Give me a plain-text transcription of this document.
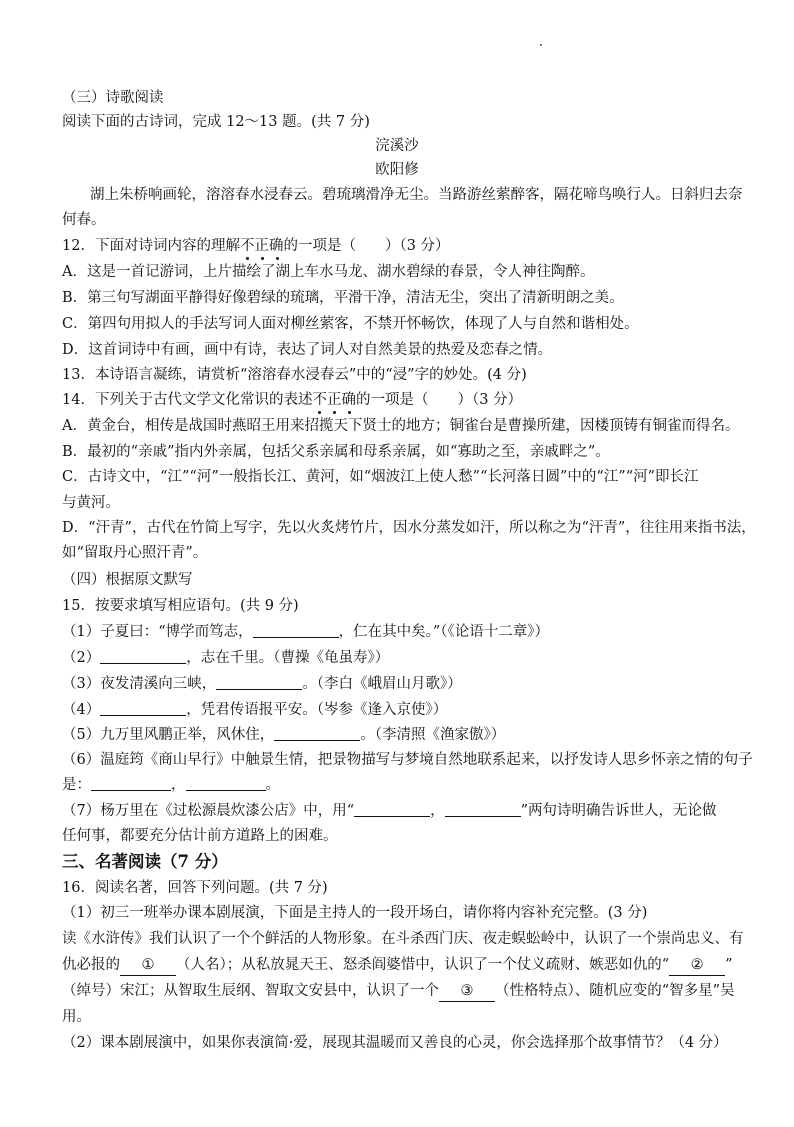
（三）诗歌阅读
阅读下面的古诗词，完成 12～13 题。(共 7 分)
浣溪沙
欧阳修
湖上朱桥响画轮，溶溶春水浸春云。碧琉璃滑净无尘。当路游丝萦醉客，隔花啼鸟唤行人。日斜归去奈
何春。
12．下面对诗词内容的理解不正确
的一项是（　　）（3 分）
A．这是一首记游词，上片描绘了湖上车水马龙、湖水碧绿的春景，令人神往陶醉。
B．第三句写湖面平静得好像碧绿的琉璃，平滑干净，清洁无尘，突出了清新明朗之美。
C．第四句用拟人的手法写词人面对柳丝萦客，不禁开怀畅饮，体现了人与自然和谐相处。
D．这首词诗中有画，画中有诗，表达了词人对自然美景的热爱及恋春之情。
13．本诗语言凝练，请赏析“溶溶春水浸春云”中的“浸”字的妙处。(4 分)
14．下列关于古代文学文化常识的表述不正确
的一项是（　　）（3 分）
A．黄金台，相传是战国时燕昭王用来招揽天下贤士的地方；铜雀台是曹操所建，因楼顶铸有铜雀而得名。
B．最初的“亲戚”指内外亲属，包括父系亲属和母系亲属，如“寡助之至，亲戚畔之”。
C．古诗文中，“江”“河”一般指长江、黄河，如“烟波江上使人愁”“长河落日圆”中的“江”“河”即长江
与黄河。
D．“汗青”，古代在竹简上写字，先以火炙烤竹片，因水分蒸发如汗，所以称之为“汗青”，往往用来指书法，
如“留取丹心照汗青”。
（四）根据原文默写
15．按要求填写相应语句。(共 9 分)
（1）子夏曰：“博学而笃志，	，仁在其中矣。”（《论语十二章》）
（2）	，志在千里。（曹操《龟虽寿》）
（3）夜发清溪向三峡，	。（李白《峨眉山月歌》）
（4）	，凭君传语报平安。（岑参《逢入京使》）
（5）九万里风鹏正举，风休住，	。（李清照《渔家傲》）
（6）温庭筠《商山早行》中触景生情，把景物描写与梦境自然地联系起来，以抒发诗人思乡怀亲之情的句子
是：	，	。
（7）杨万里在《过松源晨炊漆公店》中，用“	，	”两句诗明确告诉世人，无论做
任何事，都要充分估计前方道路上的困难。
三、名著阅读（7 分）
16．阅读名著，回答下列问题。(共 7 分)
（1）初三一班举办课本剧展演，下面是主持人的一段开场白，请你将内容补充完整。(3 分)
读《水浒传》我们认识了一个个鲜活的人物形象。在斗杀西门庆、夜走蜈蚣岭中，认识了一个崇尚忠义、有
仇必报的 ① （人名）；从私放晁天王、怒杀阎婆惜中，认识了一个仗义疏财、嫉恶如仇的“ ② ”
（绰号）宋江；从智取生辰纲、智取文安县中，认识了一个 ③ （性格特点）、随机应变的“智多星”吴
用。
（2）课本剧展演中，如果你表演简·爱，展现其温暖而又善良的心灵，你会选择那个故事情节？（4 分）
